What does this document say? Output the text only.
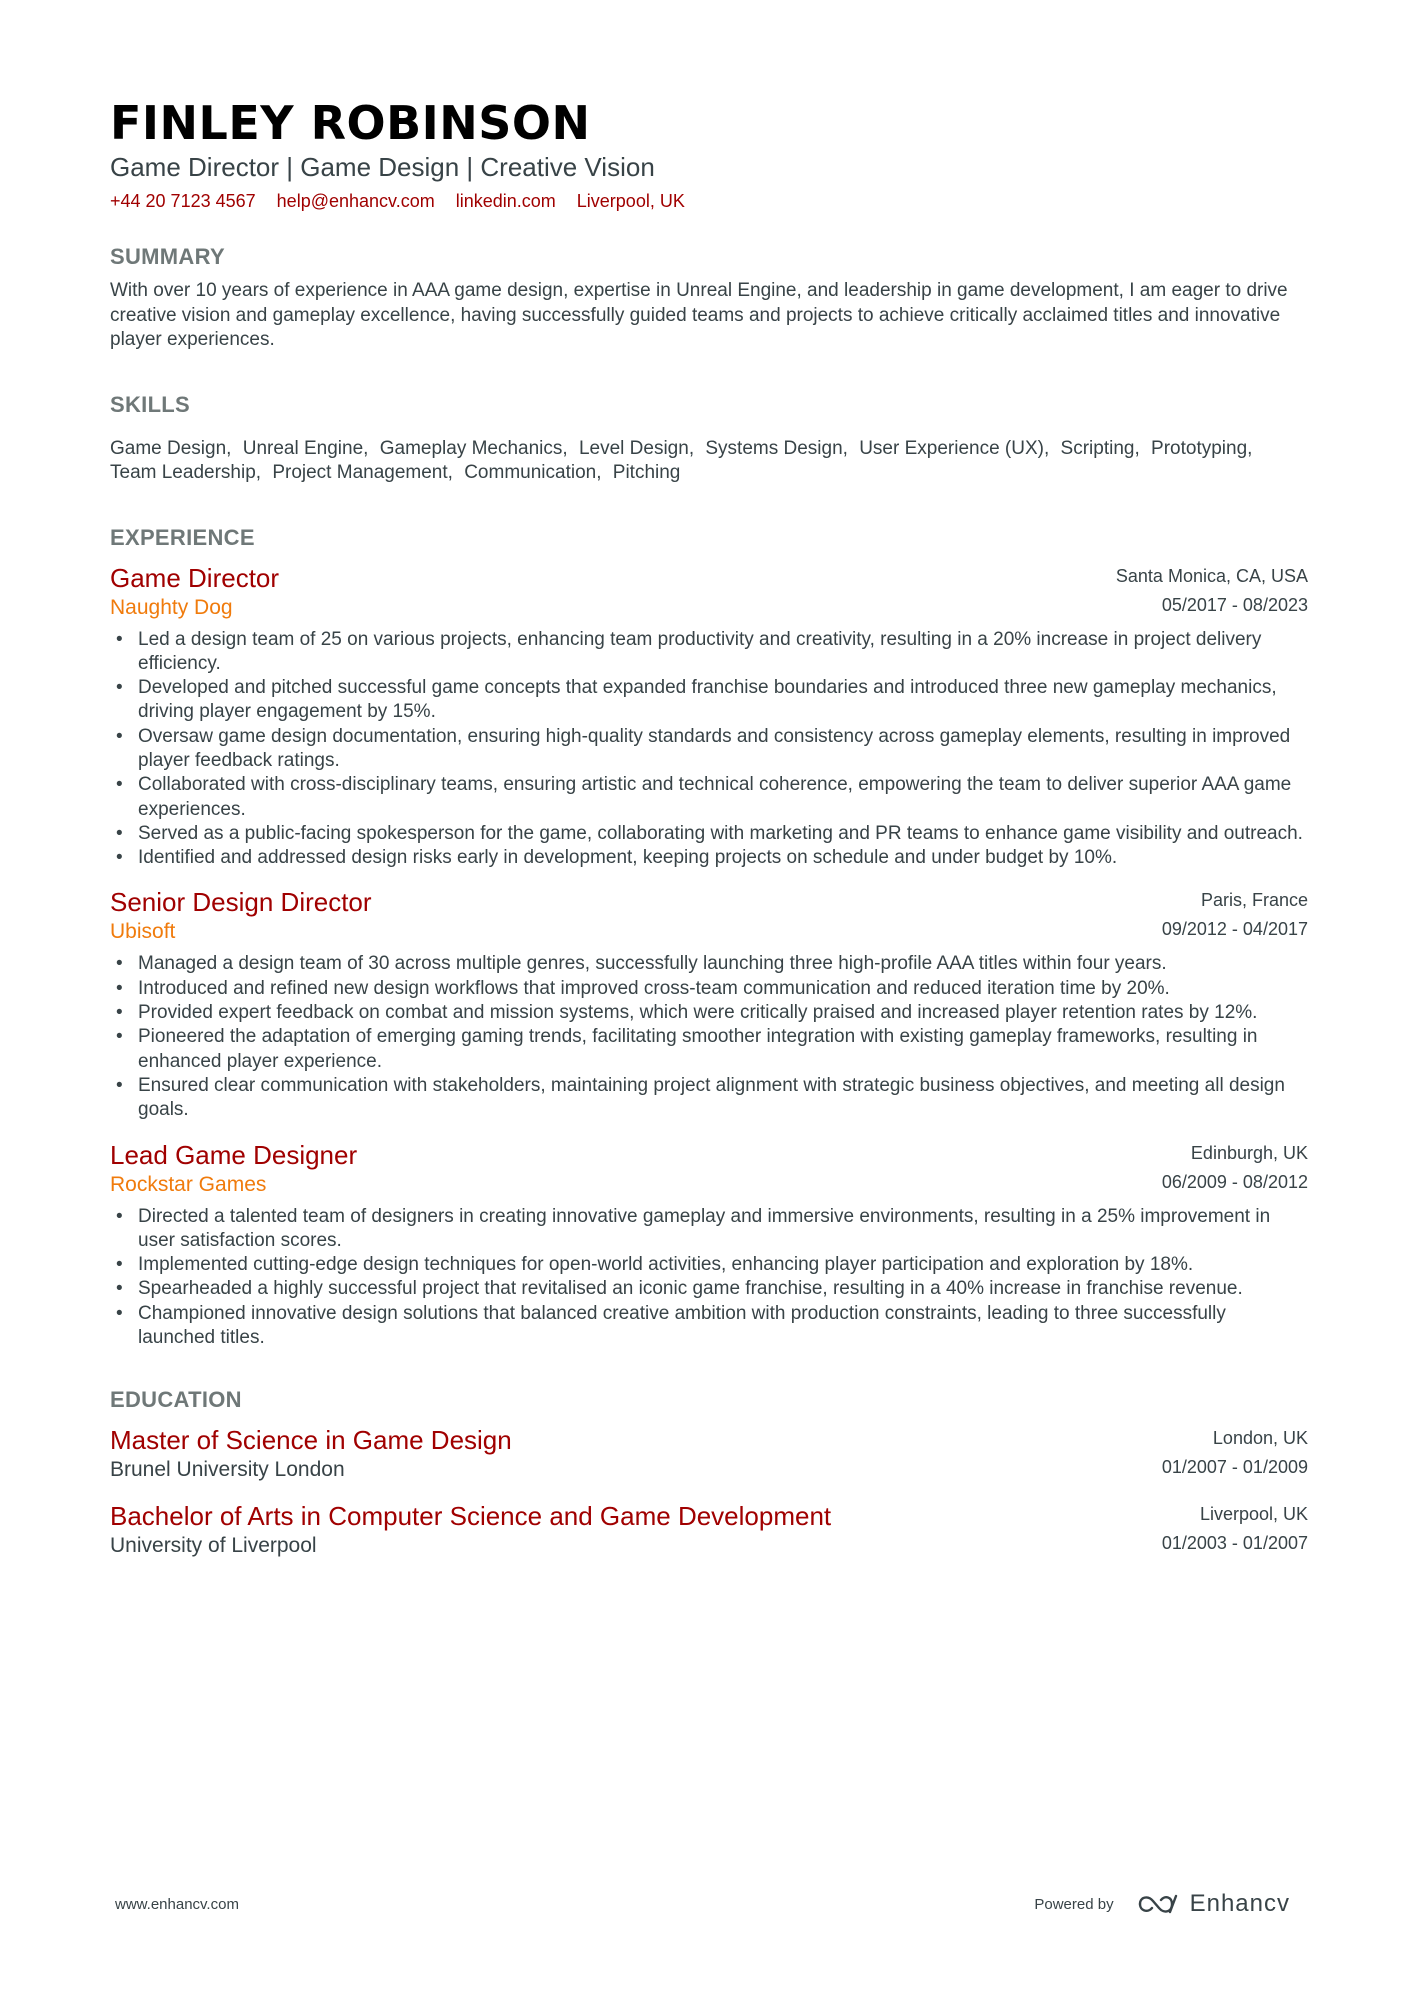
FINLEY ROBINSON
Game Director | Game Design | Creative Vision
+44 20 7123 4567 help@enhancv.com linkedin.com Liverpool, UK
SUMMARY
With over 10 years of experience in AAA game design, expertise in Unreal Engine, and leadership in game development, I am eager to drive creative vision and gameplay excellence, having successfully guided teams and projects to achieve critically acclaimed titles and innovative player experiences.
SKILLS
Game Design, Unreal Engine, Gameplay Mechanics, Level Design, Systems Design, User Experience (UX), Scripting, Prototyping, Team Leadership, Project Management, Communication, Pitching
EXPERIENCE
Game Director
Naughty Dog
Santa Monica, CA, USA
05/2017 - 08/2023
• Led a design team of 25 on various projects, enhancing team productivity and creativity, resulting in a 20% increase in project delivery efficiency.
• Developed and pitched successful game concepts that expanded franchise boundaries and introduced three new gameplay mechanics, driving player engagement by 15%.
• Oversaw game design documentation, ensuring high-quality standards and consistency across gameplay elements, resulting in improved player feedback ratings.
• Collaborated with cross-disciplinary teams, ensuring artistic and technical coherence, empowering the team to deliver superior AAA game experiences.
• Served as a public-facing spokesperson for the game, collaborating with marketing and PR teams to enhance game visibility and outreach.
• Identified and addressed design risks early in development, keeping projects on schedule and under budget by 10%.
Senior Design Director
Ubisoft
Paris, France
09/2012 - 04/2017
• Managed a design team of 30 across multiple genres, successfully launching three high-profile AAA titles within four years.
• Introduced and refined new design workflows that improved cross-team communication and reduced iteration time by 20%.
• Provided expert feedback on combat and mission systems, which were critically praised and increased player retention rates by 12%.
• Pioneered the adaptation of emerging gaming trends, facilitating smoother integration with existing gameplay frameworks, resulting in enhanced player experience.
• Ensured clear communication with stakeholders, maintaining project alignment with strategic business objectives, and meeting all design goals.
Lead Game Designer
Rockstar Games
Edinburgh, UK
06/2009 - 08/2012
• Directed a talented team of designers in creating innovative gameplay and immersive environments, resulting in a 25% improvement in user satisfaction scores.
• Implemented cutting-edge design techniques for open-world activities, enhancing player participation and exploration by 18%.
• Spearheaded a highly successful project that revitalised an iconic game franchise, resulting in a 40% increase in franchise revenue.
• Championed innovative design solutions that balanced creative ambition with production constraints, leading to three successfully launched titles.
EDUCATION
Master of Science in Game Design
Brunel University London
London, UK
01/2007 - 01/2009
Bachelor of Arts in Computer Science and Game Development
University of Liverpool
Liverpool, UK
01/2003 - 01/2007
www.enhancv.com	Powered by	Enhancv
